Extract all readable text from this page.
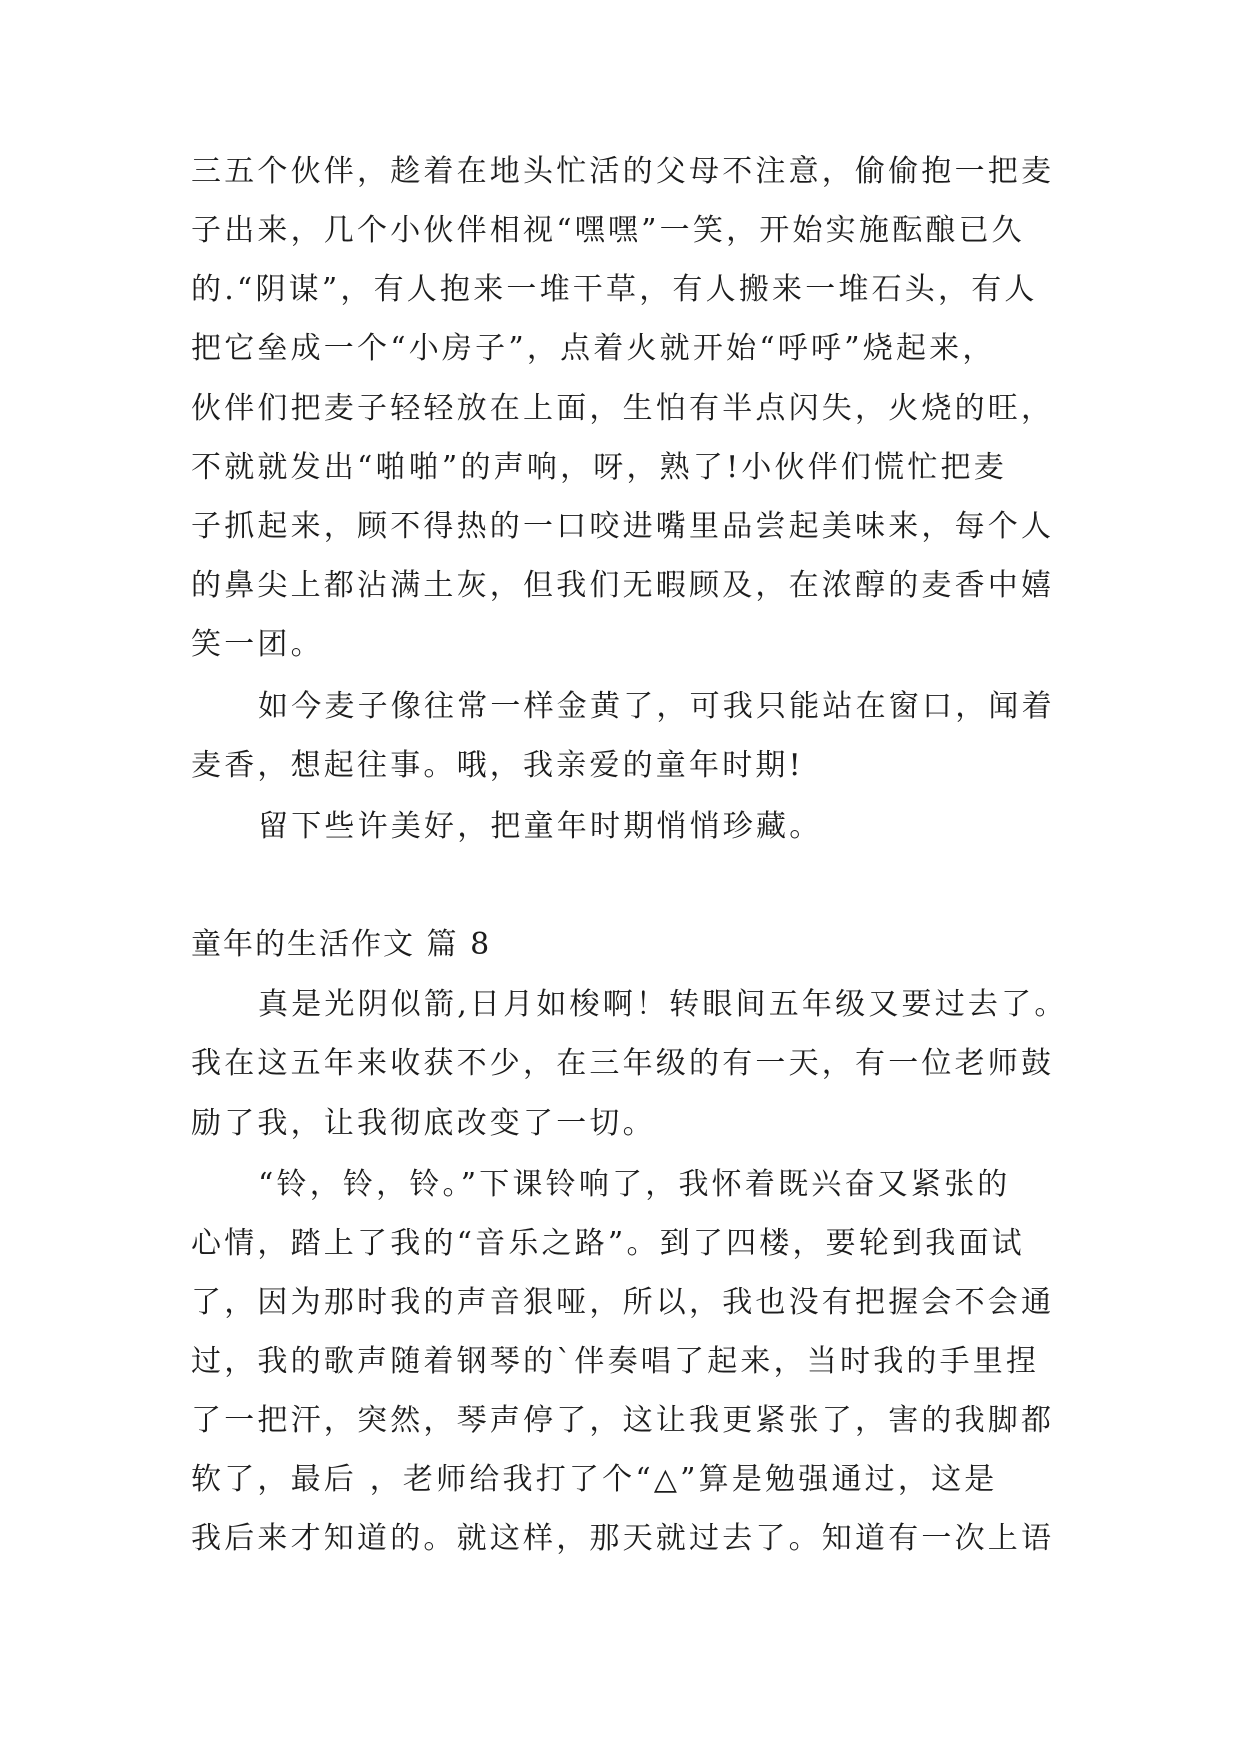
三五个伙伴，趁着在地头忙活的父母不注意，偷偷抱一把麦
子出来，几个小伙伴相视“嘿嘿”一笑，开始实施酝酿已久
的.“阴谋”，有人抱来一堆干草，有人搬来一堆石头，有人
把它垒成一个“小房子”，点着火就开始“呼呼”烧起来，
伙伴们把麦子轻轻放在上面，生怕有半点闪失，火烧的旺，
不就就发出“啪啪”的声响，呀，熟了!小伙伴们慌忙把麦
子抓起来，顾不得热的一口咬进嘴里品尝起美味来，每个人
的鼻尖上都沾满土灰，但我们无暇顾及，在浓醇的麦香中嬉
笑一团。
如今麦子像往常一样金黄了，可我只能站在窗口，闻着
麦香，想起往事。哦，我亲爱的童年时期!
留下些许美好，把童年时期悄悄珍藏。
童年的生活作文 篇 8
真是光阴似箭,日月如梭啊！转眼间五年级又要过去了。
我在这五年来收获不少，在三年级的有一天，有一位老师鼓
励了我，让我彻底改变了一切。
“铃，铃，铃。”下课铃响了，我怀着既兴奋又紧张的
心情，踏上了我的“音乐之路”。到了四楼，要轮到我面试
了，因为那时我的声音狠哑，所以，我也没有把握会不会通
过，我的歌声随着钢琴的`伴奏唱了起来，当时我的手里捏
了一把汗，突然，琴声停了，这让我更紧张了，害的我脚都
软了，最后 ，老师给我打了个“△”算是勉强通过，这是
我后来才知道的。就这样，那天就过去了。知道有一次上语
